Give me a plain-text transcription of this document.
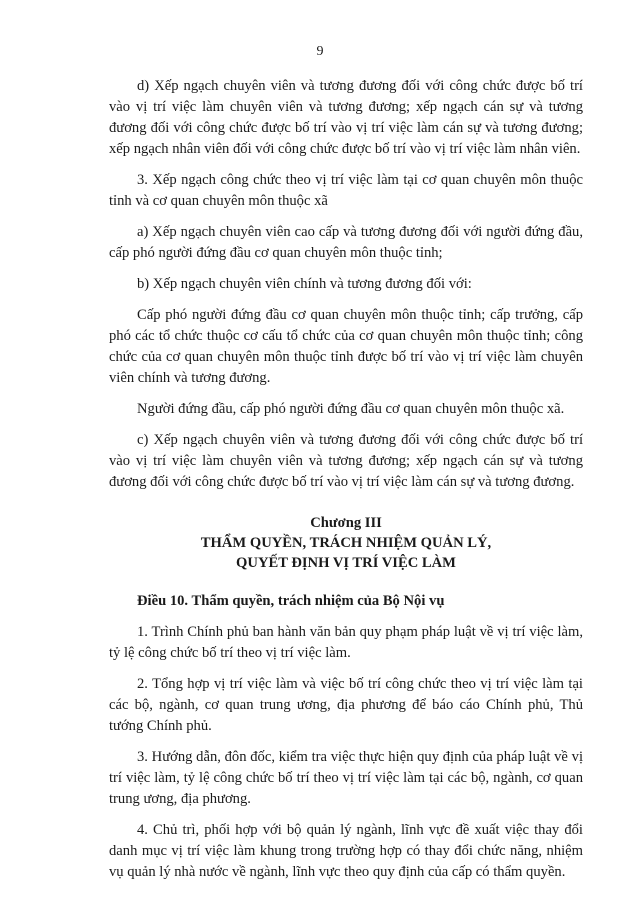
9

d) Xếp ngạch chuyên viên và tương đương đối với công chức được bố trí vào vị trí việc làm chuyên viên và tương đương; xếp ngạch cán sự và tương đương đối với công chức được bố trí vào vị trí việc làm cán sự và tương đương; xếp ngạch nhân viên đối với công chức được bố trí vào vị trí việc làm nhân viên.

3. Xếp ngạch công chức theo vị trí việc làm tại cơ quan chuyên môn thuộc tỉnh và cơ quan chuyên môn thuộc xã

a) Xếp ngạch chuyên viên cao cấp và tương đương đối với người đứng đầu, cấp phó người đứng đầu cơ quan chuyên môn thuộc tỉnh;

b) Xếp ngạch chuyên viên chính và tương đương đối với:

Cấp phó người đứng đầu cơ quan chuyên môn thuộc tỉnh; cấp trưởng, cấp phó các tổ chức thuộc cơ cấu tổ chức của cơ quan chuyên môn thuộc tỉnh; công chức của cơ quan chuyên môn thuộc tỉnh được bố trí vào vị trí việc làm chuyên viên chính và tương đương.

Người đứng đầu, cấp phó người đứng đầu cơ quan chuyên môn thuộc xã.

c) Xếp ngạch chuyên viên và tương đương đối với công chức được bố trí vào vị trí việc làm chuyên viên và tương đương; xếp ngạch cán sự và tương đương đối với công chức được bố trí vào vị trí việc làm cán sự và tương đương.

Chương III
THẨM QUYỀN, TRÁCH NHIỆM QUẢN LÝ,
QUYẾT ĐỊNH VỊ TRÍ VIỆC LÀM

Điều 10. Thẩm quyền, trách nhiệm của Bộ Nội vụ

1. Trình Chính phủ ban hành văn bản quy phạm pháp luật về vị trí việc làm, tỷ lệ công chức bố trí theo vị trí việc làm.

2. Tổng hợp vị trí việc làm và việc bố trí công chức theo vị trí việc làm tại các bộ, ngành, cơ quan trung ương, địa phương để báo cáo Chính phủ, Thủ tướng Chính phủ.

3. Hướng dẫn, đôn đốc, kiểm tra việc thực hiện quy định của pháp luật về vị trí việc làm, tỷ lệ công chức bố trí theo vị trí việc làm tại các bộ, ngành, cơ quan trung ương, địa phương.

4. Chủ trì, phối hợp với bộ quản lý ngành, lĩnh vực đề xuất việc thay đổi danh mục vị trí việc làm khung trong trường hợp có thay đổi chức năng, nhiệm vụ quản lý nhà nước về ngành, lĩnh vực theo quy định của cấp có thẩm quyền.
